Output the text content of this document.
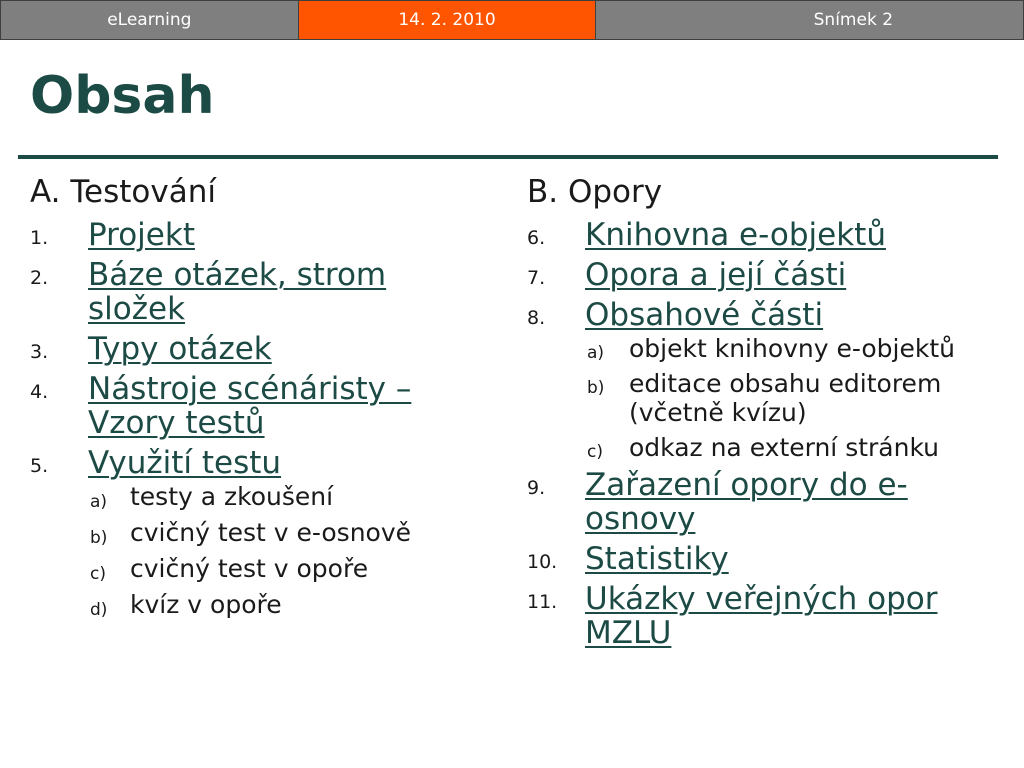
eLearning	14. 2. 2010	Snímek 2
Obsah
A. Testování
1. Projekt
2. Báze otázek, strom složek
3. Typy otázek
4. Nástroje scénáristy – Vzory testů
5. Využití testu
a) testy a zkoušení
b) cvičný test v e-osnově
c) cvičný test v opoře
d) kvíz v opoře
B. Opory
6. Knihovna e-objektů
7. Opora a její části
8. Obsahové části
a) objekt knihovny e-objektů
b) editace obsahu editorem (včetně kvízu)
c) odkaz na externí stránku
9. Zařazení opory do e-osnovy
10. Statistiky
11. Ukázky veřejných opor MZLU
